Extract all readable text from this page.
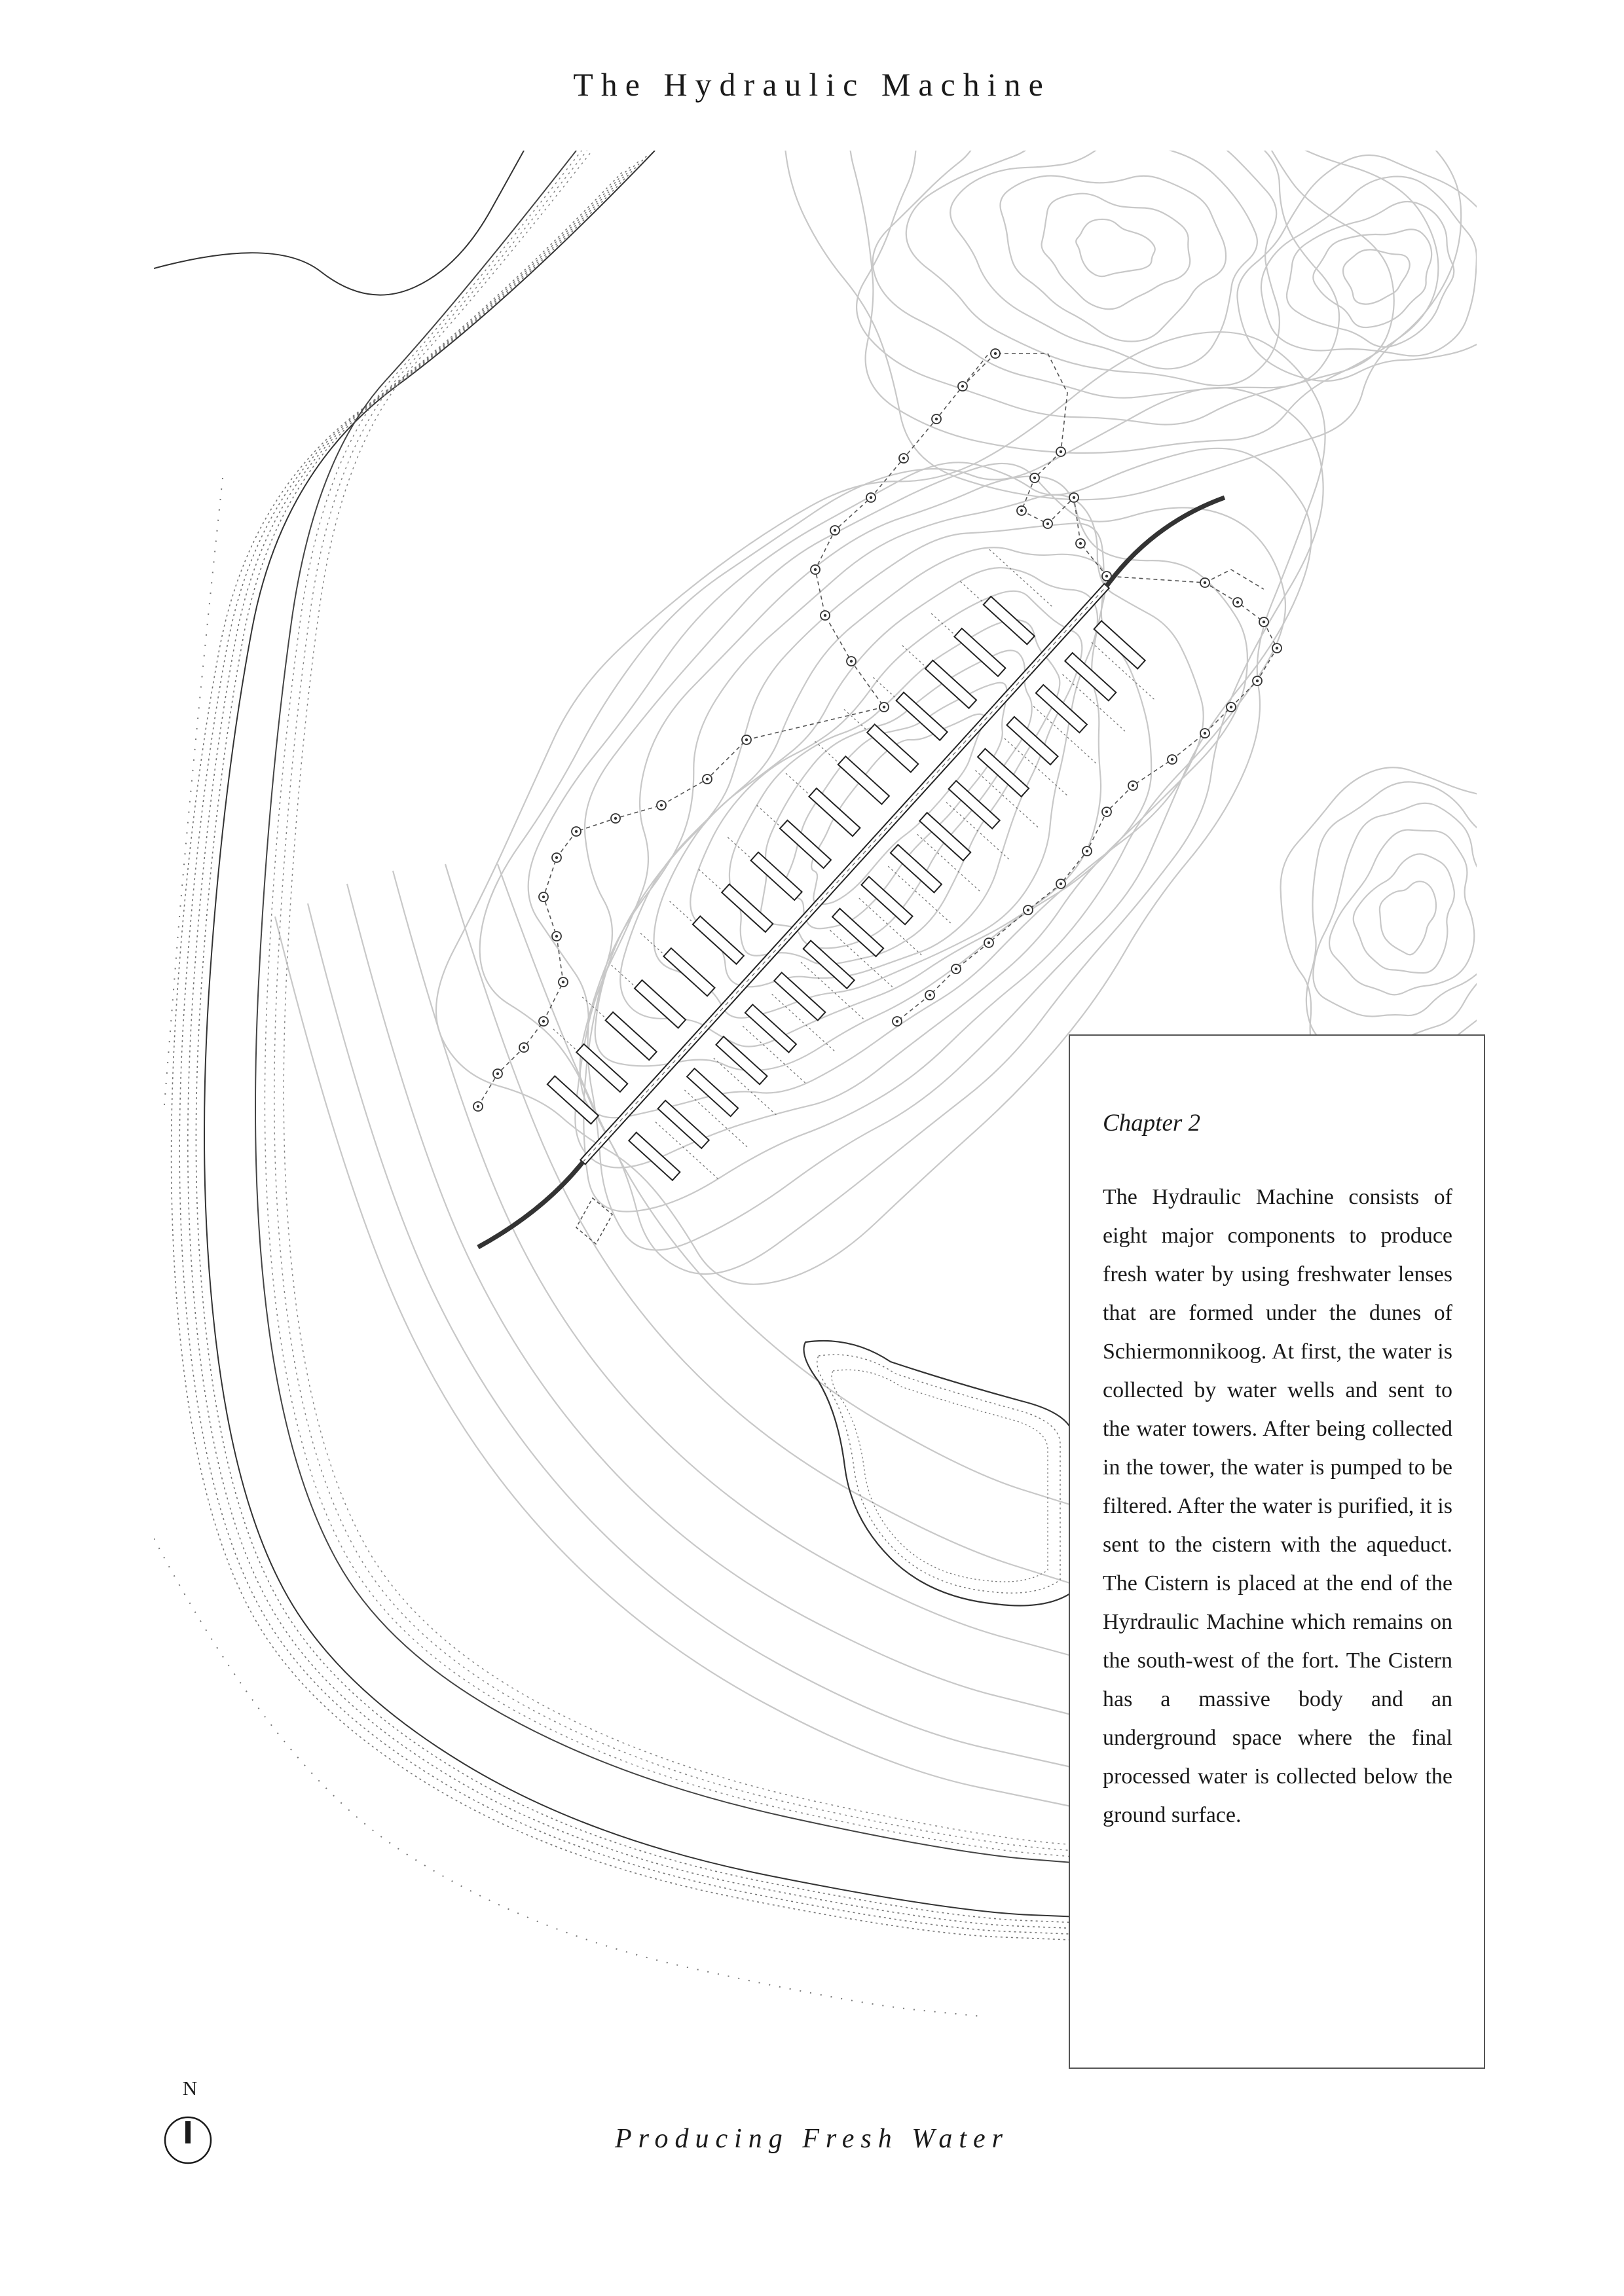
The Hydraulic Machine
Chapter 2

The Hydraulic Machine consists of eight major components to produce fresh water by using freshwater lenses that are formed under the dunes of Schiermonnikoog. At first, the water is collected by water wells and sent to the water towers. After being collected in the tower, the water is pumped to be filtered. After the water is purified, it is sent to the cistern with the aqueduct. The Cistern is placed at the end of the Hyrdraulic Machine which remains on the south-west of the fort. The Cistern has a massive body and an underground space where the final processed water is collected below the ground surface.

N
Producing Fresh Water
